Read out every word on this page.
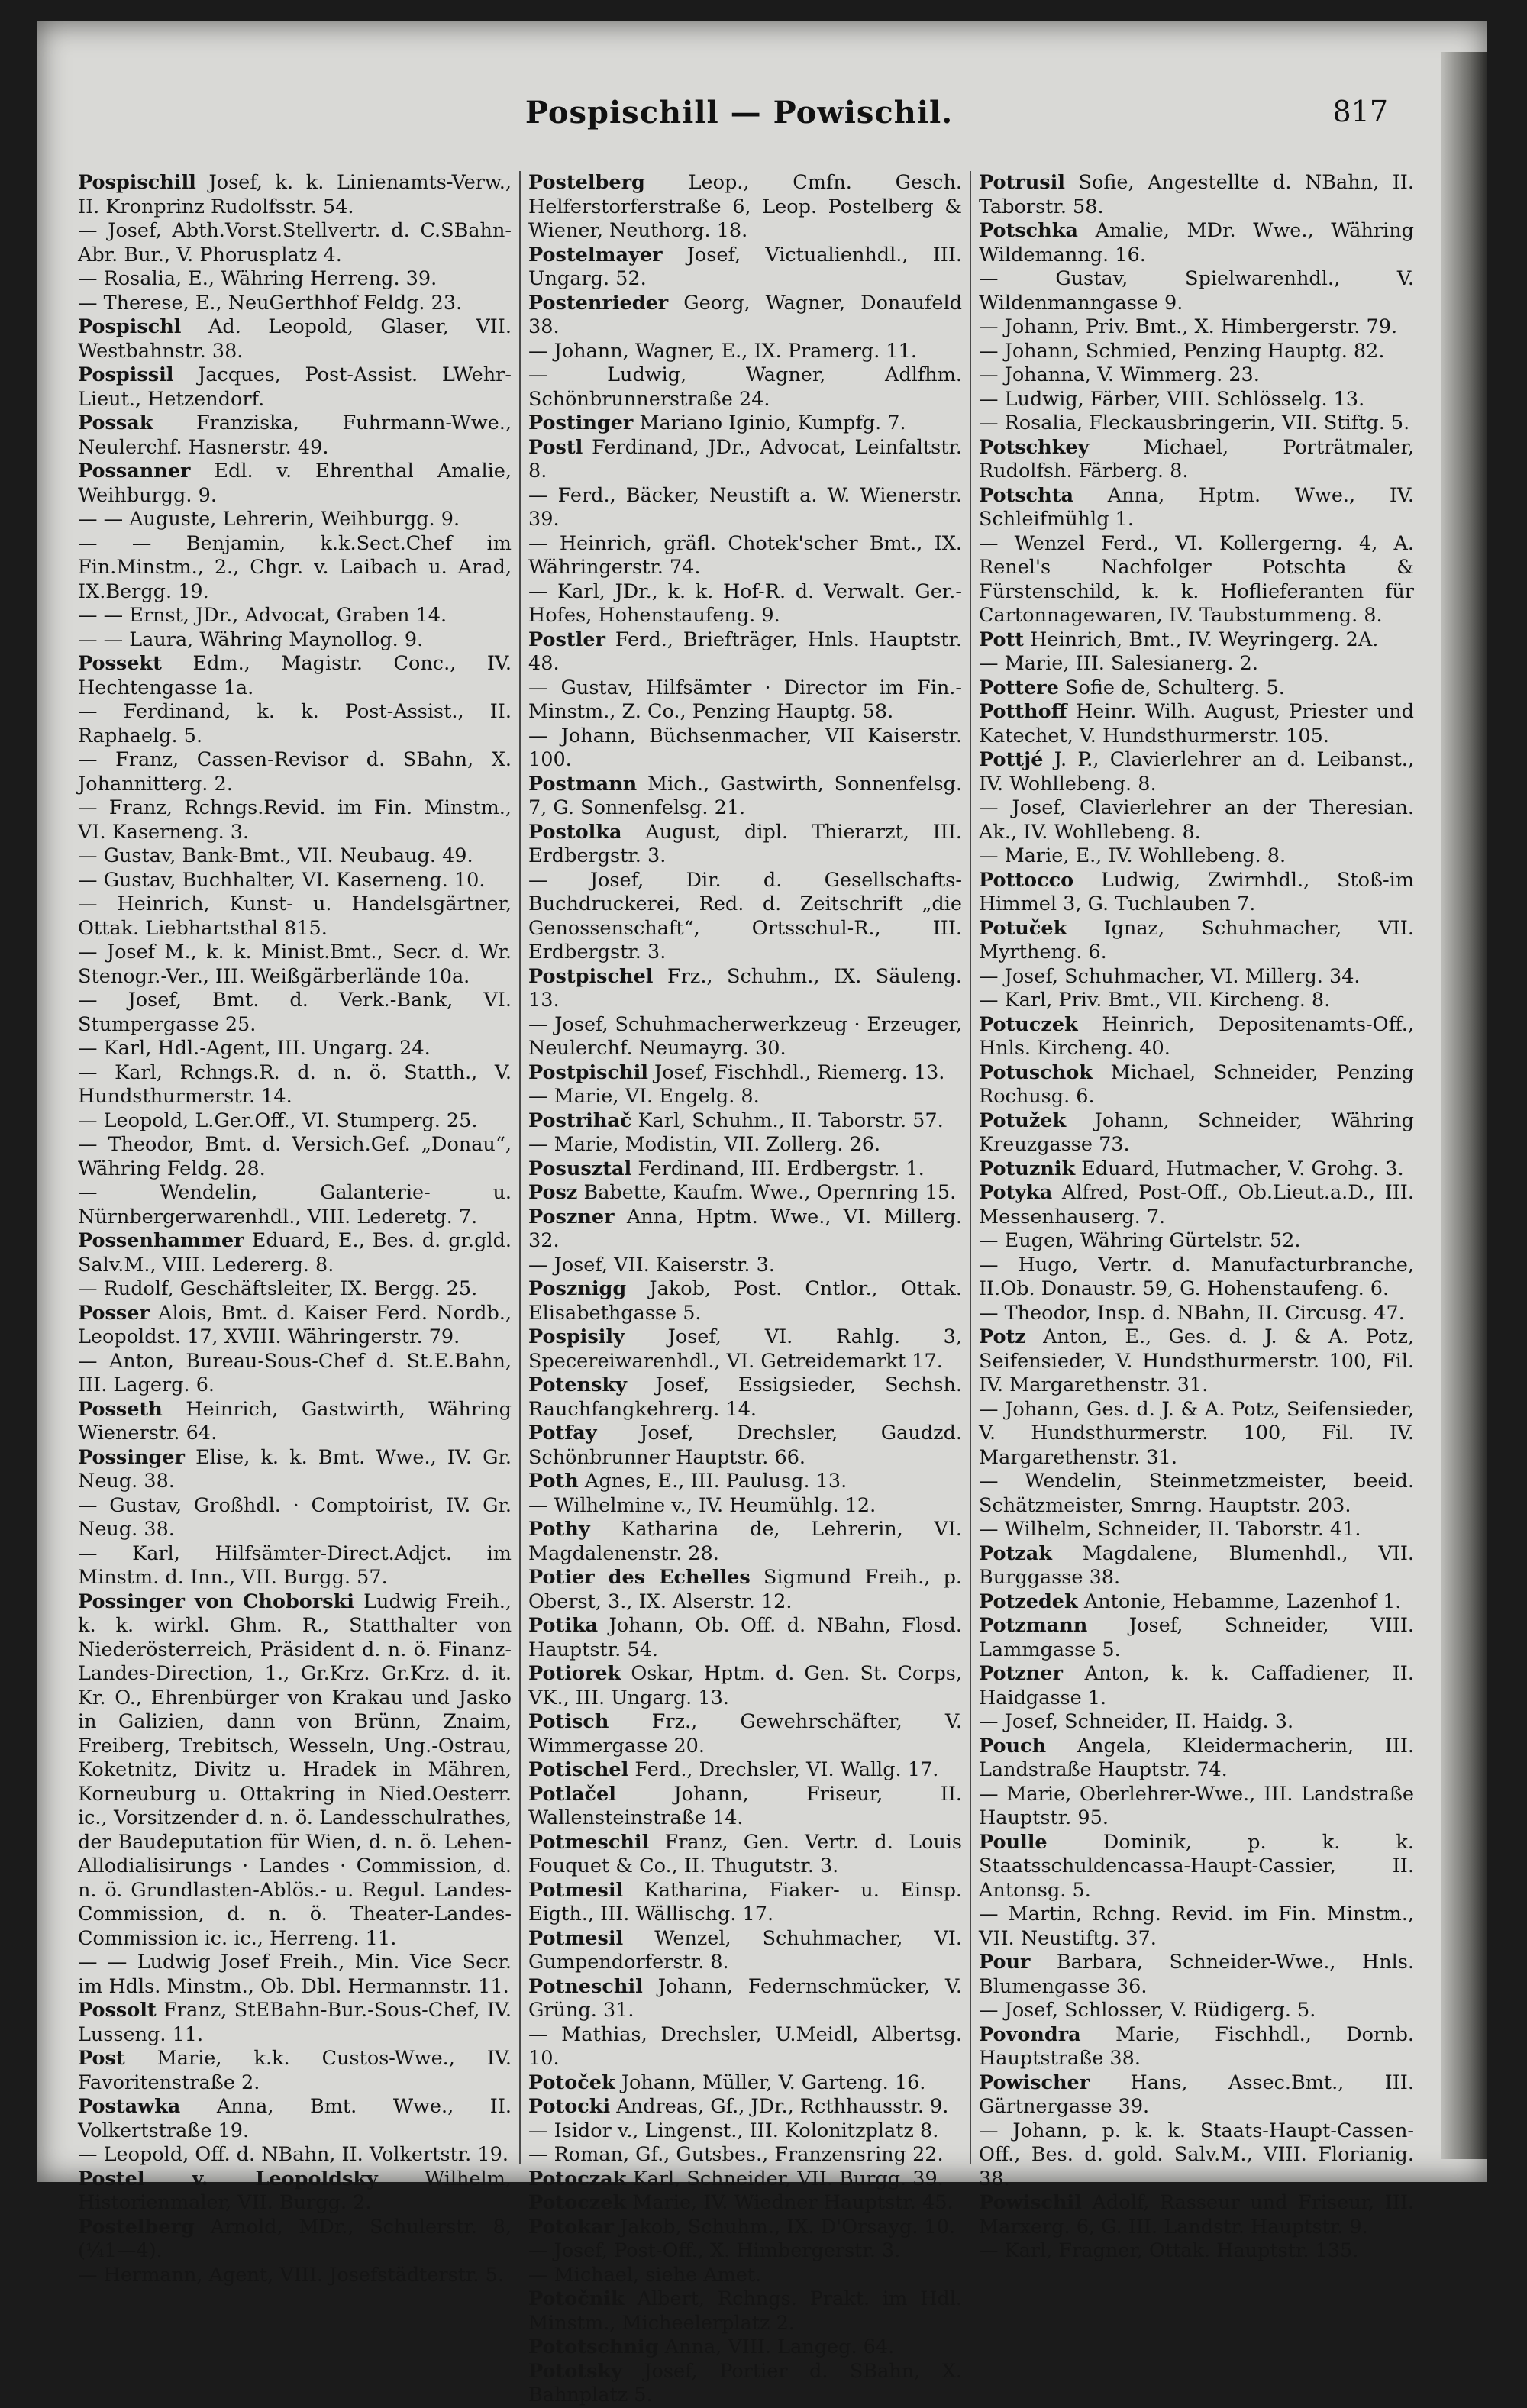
Pospischill — Powischil.	817

Pospischill Josef, k. k. Linienamts-Verw., II. Kronprinz Rudolfsstr. 54.

— Josef, Abth.Vorst.Stellvertr. d. C.SBahn-Abr. Bur., V. Phorusplatz 4.

— Rosalia, E., Währing Herreng. 39.

— Therese, E., NeuGerthhof Feldg. 23.

Pospischl Ad. Leopold, Glaser, VII. Westbahnstr. 38.

Pospissil Jacques, Post-Assist. LWehr-Lieut., Hetzendorf.

Possak Franziska, Fuhrmann-Wwe., Neulerchf. Hasnerstr. 49.

Possanner Edl. v. Ehrenthal Amalie, Weihburgg. 9.

— — Auguste, Lehrerin, Weihburgg. 9.

— — Benjamin, k.k.Sect.Chef im Fin.Minstm., 2., Chgr. v. Laibach u. Arad, IX.Bergg. 19.

— — Ernst, JDr., Advocat, Graben 14.

— — Laura, Währing Maynollog. 9.

Possekt Edm., Magistr. Conc., IV. Hechtengasse 1a.

— Ferdinand, k. k. Post-Assist., II. Raphaelg. 5.

— Franz, Cassen-Revisor d. SBahn, X. Johannitterg. 2.

— Franz, Rchngs.Revid. im Fin. Minstm., VI. Kaserneng. 3.

— Gustav, Bank-Bmt., VII. Neubaug. 49.

— Gustav, Buchhalter, VI. Kaserneng. 10.

— Heinrich, Kunst- u. Handelsgärtner, Ottak. Liebhartsthal 815.

— Josef M., k. k. Minist.Bmt., Secr. d. Wr. Stenogr.-Ver., III. Weißgärberlände 10a.

— Josef, Bmt. d. Verk.-Bank, VI. Stumpergasse 25.

— Karl, Hdl.-Agent, III. Ungarg. 24.

— Karl, Rchngs.R. d. n. ö. Statth., V. Hundsthurmerstr. 14.

— Leopold, L.Ger.Off., VI. Stumperg. 25.

— Theodor, Bmt. d. Versich.Gef. „Donau“, Währing Feldg. 28.

— Wendelin, Galanterie- u. Nürnbergerwarenhdl., VIII. Lederetg. 7.

Possenhammer Eduard, E., Bes. d. gr.gld. Salv.M., VIII. Ledererg. 8.

— Rudolf, Geschäftsleiter, IX. Bergg. 25.

Posser Alois, Bmt. d. Kaiser Ferd. Nordb., Leopoldst. 17, XVIII. Währingerstr. 79.

— Anton, Bureau-Sous-Chef d. St.E.Bahn, III. Lagerg. 6.

Posseth Heinrich, Gastwirth, Währing Wienerstr. 64.

Possinger Elise, k. k. Bmt. Wwe., IV. Gr. Neug. 38.

— Gustav, Großhdl. · Comptoirist, IV. Gr. Neug. 38.

— Karl, Hilfsämter-Direct.Adjct. im Minstm. d. Inn., VII. Burgg. 57.

Possinger von Choborski Ludwig Freih., k. k. wirkl. Ghm. R., Statthalter von Niederösterreich, Präsident d. n. ö. Finanz-Landes-Direction, 1., Gr.Krz. Gr.Krz. d. it. Kr. O., Ehrenbürger von Krakau und Jasko in Galizien, dann von Brünn, Znaim, Freiberg, Trebitsch, Wesseln, Ung.-Ostrau, Koketnitz, Divitz u. Hradek in Mähren, Korneuburg u. Ottakring in Nied.Oesterr. ic., Vorsitzender d. n. ö. Landesschulrathes, der Baudeputation für Wien, d. n. ö. Lehen-Allodialisirungs · Landes · Commission, d. n. ö. Grundlasten-Ablös.- u. Regul. Landes-Commission, d. n. ö. Theater-Landes-Commission ic. ic., Herreng. 11.

— — Ludwig Josef Freih., Min. Vice Secr. im Hdls. Minstm., Ob. Dbl. Hermannstr. 11.

Possolt Franz, StEBahn-Bur.-Sous-Chef, IV. Lusseng. 11.

Post Marie, k.k. Custos-Wwe., IV. Favoritenstraße 2.

Postawka Anna, Bmt. Wwe., II. Volkertstraße 19.

— Leopold, Off. d. NBahn, II. Volkertstr. 19.

Postel v. Leopoldsky Wilhelm, Historienmaler, VII. Burgg. 2.

Postelberg Arnold, MDr., Schulerstr. 8, (¼1—4).

— Hermann, Agent, VIII. Josefstädterstr. 5.

Postelberg Leop., Cmfn. Gesch. Helferstorferstraße 6, Leop. Postelberg & Wiener, Neuthorg. 18.

Postelmayer Josef, Victualienhdl., III. Ungarg. 52.

Postenrieder Georg, Wagner, Donaufeld 38.

— Johann, Wagner, E., IX. Pramerg. 11.

— Ludwig, Wagner, Adlfhm. Schönbrunnerstraße 24.

Postinger Mariano Iginio, Kumpfg. 7.

Postl Ferdinand, JDr., Advocat, Leinfaltstr. 8.

— Ferd., Bäcker, Neustift a. W. Wienerstr. 39.

— Heinrich, gräfl. Chotek'scher Bmt., IX. Währingerstr. 74.

— Karl, JDr., k. k. Hof-R. d. Verwalt. Ger.-Hofes, Hohenstaufeng. 9.

Postler Ferd., Briefträger, Hnls. Hauptstr. 48.

— Gustav, Hilfsämter · Director im Fin.-Minstm., Z. Co., Penzing Hauptg. 58.

— Johann, Büchsenmacher, VII Kaiserstr. 100.

Postmann Mich., Gastwirth, Sonnenfelsg. 7, G. Sonnenfelsg. 21.

Postolka August, dipl. Thierarzt, III. Erdbergstr. 3.

— Josef, Dir. d. Gesellschafts-Buchdruckerei, Red. d. Zeitschrift „die Genossenschaft“, Ortsschul-R., III. Erdbergstr. 3.

Postpischel Frz., Schuhm., IX. Säuleng. 13.

— Josef, Schuhmacherwerkzeug · Erzeuger, Neulerchf. Neumayrg. 30.

Postpischil Josef, Fischhdl., Riemerg. 13.

— Marie, VI. Engelg. 8.

Postrihač Karl, Schuhm., II. Taborstr. 57.

— Marie, Modistin, VII. Zollerg. 26.

Posusztal Ferdinand, III. Erdbergstr. 1.

Posz Babette, Kaufm. Wwe., Opernring 15.

Poszner Anna, Hptm. Wwe., VI. Millerg. 32.

— Josef, VII. Kaiserstr. 3.

Posznigg Jakob, Post. Cntlor., Ottak. Elisabethgasse 5.

Pospisily Josef, VI. Rahlg. 3, Specereiwarenhdl., VI. Getreidemarkt 17.

Potensky Josef, Essigsieder, Sechsh. Rauchfangkehrerg. 14.

Potfay Josef, Drechsler, Gaudzd. Schönbrunner Hauptstr. 66.

Poth Agnes, E., III. Paulusg. 13.

— Wilhelmine v., IV. Heumühlg. 12.

Pothy Katharina de, Lehrerin, VI. Magdalenenstr. 28.

Potier des Echelles Sigmund Freih., p. Oberst, 3., IX. Alserstr. 12.

Potika Johann, Ob. Off. d. NBahn, Flosd. Hauptstr. 54.

Potiorek Oskar, Hptm. d. Gen. St. Corps, VK., III. Ungarg. 13.

Potisch Frz., Gewehrschäfter, V. Wimmergasse 20.

Potischel Ferd., Drechsler, VI. Wallg. 17.

Potlačel Johann, Friseur, II. Wallensteinstraße 14.

Potmeschil Franz, Gen. Vertr. d. Louis Fouquet & Co., II. Thugutstr. 3.

Potmesil Katharina, Fiaker- u. Einsp. Eigth., III. Wällischg. 17.

Potmesil Wenzel, Schuhmacher, VI. Gumpendorferstr. 8.

Potneschil Johann, Federnschmücker, V. Grüng. 31.

— Mathias, Drechsler, U.Meidl, Albertsg. 10.

Potoček Johann, Müller, V. Garteng. 16.

Potocki Andreas, Gf., JDr., Rcthhausstr. 9.

— Isidor v., Lingenst., III. Kolonitzplatz 8.

— Roman, Gf., Gutsbes., Franzensring 22.

Potoczak Karl, Schneider, VII. Burgg. 39.

Potoczek Marie, IV. Wiedner Hauptstr. 45.

Potokar Jakob, Schuhm., IX. D'Orsayg. 10.

— Josef, Post-Off., X. Himbergerstr. 3.

— Michael, siehe Amet.

Potočnik Albert, Rchngs. Prakt. im Hdl. Minstm., Micheelerplatz 2.

Pototschnig Anna, VIII. Langeg. 64.

Pototsky Josef, Portier d. SBahn, X. Bahnplatz 5.

Potrusil Sofie, Angestellte d. NBahn, II. Taborstr. 58.

Potschka Amalie, MDr. Wwe., Währing Wildemanng. 16.

— Gustav, Spielwarenhdl., V. Wildenmanngasse 9.

— Johann, Priv. Bmt., X. Himbergerstr. 79.

— Johann, Schmied, Penzing Hauptg. 82.

— Johanna, V. Wimmerg. 23.

— Ludwig, Färber, VIII. Schlösselg. 13.

— Rosalia, Fleckausbringerin, VII. Stiftg. 5.

Potschkey Michael, Porträtmaler, Rudolfsh. Färberg. 8.

Potschta Anna, Hptm. Wwe., IV. Schleifmühlg 1.

— Wenzel Ferd., VI. Kollergerng. 4, A. Renel's Nachfolger Potschta & Fürstenschild, k. k. Hoflieferanten für Cartonnagewaren, IV. Taubstummeng. 8.

Pott Heinrich, Bmt., IV. Weyringerg. 2A.

— Marie, III. Salesianerg. 2.

Pottere Sofie de, Schulterg. 5.

Potthoff Heinr. Wilh. August, Priester und Katechet, V. Hundsthurmerstr. 105.

Pottjé J. P., Clavierlehrer an d. Leibanst., IV. Wohllebeng. 8.

— Josef, Clavierlehrer an der Theresian. Ak., IV. Wohllebeng. 8.

— Marie, E., IV. Wohllebeng. 8.

Pottocco Ludwig, Zwirnhdl., Stoß-im Himmel 3, G. Tuchlauben 7.

Potuček Ignaz, Schuhmacher, VII. Myrtheng. 6.

— Josef, Schuhmacher, VI. Millerg. 34.

— Karl, Priv. Bmt., VII. Kircheng. 8.

Potuczek Heinrich, Depositenamts-Off., Hnls. Kircheng. 40.

Potuschok Michael, Schneider, Penzing Rochusg. 6.

Potužek Johann, Schneider, Währing Kreuzgasse 73.

Potuznik Eduard, Hutmacher, V. Grohg. 3.

Potyka Alfred, Post-Off., Ob.Lieut.a.D., III. Messenhauserg. 7.

— Eugen, Währing Gürtelstr. 52.

— Hugo, Vertr. d. Manufacturbranche, II.Ob. Donaustr. 59, G. Hohenstaufeng. 6.

— Theodor, Insp. d. NBahn, II. Circusg. 47.

Potz Anton, E., Ges. d. J. & A. Potz, Seifensieder, V. Hundsthurmerstr. 100, Fil. IV. Margarethenstr. 31.

— Johann, Ges. d. J. & A. Potz, Seifensieder, V. Hundsthurmerstr. 100, Fil. IV. Margarethenstr. 31.

— Wendelin, Steinmetzmeister, beeid. Schätzmeister, Smrng. Hauptstr. 203.

— Wilhelm, Schneider, II. Taborstr. 41.

Potzak Magdalene, Blumenhdl., VII. Burggasse 38.

Potzedek Antonie, Hebamme, Lazenhof 1.

Potzmann Josef, Schneider, VIII. Lammgasse 5.

Potzner Anton, k. k. Caffadiener, II. Haidgasse 1.

— Josef, Schneider, II. Haidg. 3.

Pouch Angela, Kleidermacherin, III. Landstraße Hauptstr. 74.

— Marie, Oberlehrer-Wwe., III. Landstraße Hauptstr. 95.

Poulle Dominik, p. k. k. Staatsschuldencassa-Haupt-Cassier, II. Antonsg. 5.

— Martin, Rchng. Revid. im Fin. Minstm., VII. Neustiftg. 37.

Pour Barbara, Schneider-Wwe., Hnls. Blumengasse 36.

— Josef, Schlosser, V. Rüdigerg. 5.

Povondra Marie, Fischhdl., Dornb. Hauptstraße 38.

Powischer Hans, Assec.Bmt., III. Gärtnergasse 39.

— Johann, p. k. k. Staats-Haupt-Cassen-Off., Bes. d. gold. Salv.M., VIII. Florianig. 38.

Powischil Adolf, Rasseur und Friseur, III. Marxerg. 6, G. III. Landstr. Hauptstr. 9.

— Karl, Fragner, Ottak. Hauptstr. 135.
